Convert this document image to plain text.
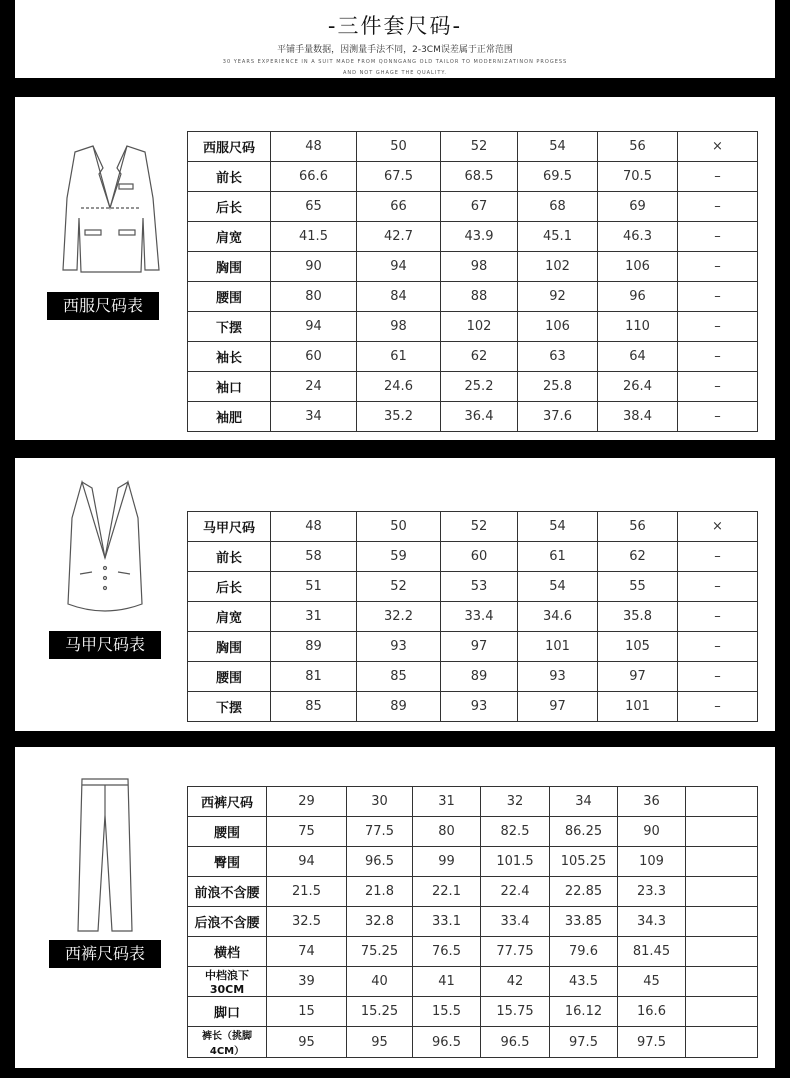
-三件套尺码-
平铺手量数据，因测量手法不同，2-3CM误差属于正常范围
30 YEARS EXPERIENCE IN A SUIT MADE FROM QONNGANG OLD TAILOR TO MODERNIZATINON PROGESS
AND NOT GHAGE THE QUALITY.
西服尺码表
马甲尺码表
西裤尺码表
西服尺码	48	50	52	54	56	×
前长	66.6	67.5	68.5	69.5	70.5	–
后长	65	66	67	68	69	–
肩宽	41.5	42.7	43.9	45.1	46.3	–
胸围	90	94	98	102	106	–
腰围	80	84	88	92	96	–
下摆	94	98	102	106	110	–
袖长	60	61	62	63	64	–
袖口	24	24.6	25.2	25.8	26.4	–
袖肥	34	35.2	36.4	37.6	38.4	–
马甲尺码	48	50	52	54	56	×
前长	58	59	60	61	62	–
后长	51	52	53	54	55	–
肩宽	31	32.2	33.4	34.6	35.8	–
胸围	89	93	97	101	105	–
腰围	81	85	89	93	97	–
下摆	85	89	93	97	101	–
西裤尺码	29	30	31	32	34	36	
腰围	75	77.5	80	82.5	86.25	90	
臀围	94	96.5	99	101.5	105.25	109	
前浪不含腰	21.5	21.8	22.1	22.4	22.85	23.3	
后浪不含腰	32.5	32.8	33.1	33.4	33.85	34.3	
横档	74	75.25	76.5	77.75	79.6	81.45	
中档浪下30CM	39	40	41	42	43.5	45	
脚口	15	15.25	15.5	15.75	16.12	16.6	
裤长（挑脚4CM）	95	95	96.5	96.5	97.5	97.5	
